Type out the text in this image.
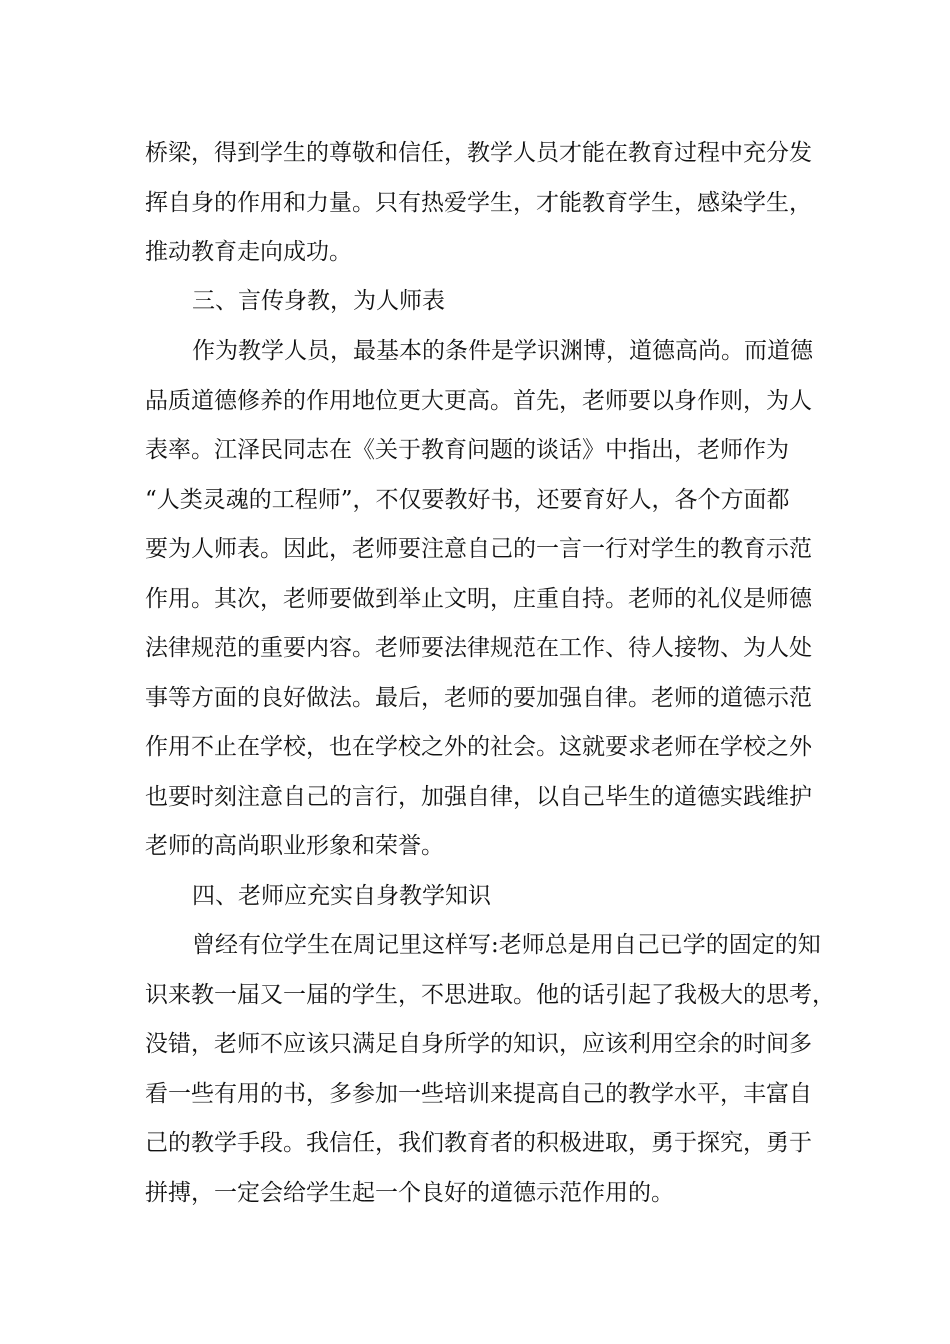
桥梁，得到学生的尊敬和信任，教学人员才能在教育过程中充分发

挥自身的作用和力量。只有热爱学生，才能教育学生，感染学生，

推动教育走向成功。

三、言传身教，为人师表

作为教学人员，最基本的条件是学识渊博，道德高尚。而道德

品质道德修养的作用地位更大更高。首先，老师要以身作则，为人

表率。江泽民同志在《关于教育问题的谈话》中指出，老师作为

“人类灵魂的工程师”，不仅要教好书，还要育好人，各个方面都

要为人师表。因此，老师要注意自己的一言一行对学生的教育示范

作用。其次，老师要做到举止文明，庄重自持。老师的礼仪是师德

法律规范的重要内容。老师要法律规范在工作、待人接物、为人处

事等方面的良好做法。最后，老师的要加强自律。老师的道德示范

作用不止在学校，也在学校之外的社会。这就要求老师在学校之外

也要时刻注意自己的言行，加强自律，以自己毕生的道德实践维护

老师的高尚职业形象和荣誉。

四、老师应充实自身教学知识

曾经有位学生在周记里这样写:老师总是用自己已学的固定的知

识来教一届又一届的学生，不思进取。他的话引起了我极大的思考，

没错，老师不应该只满足自身所学的知识，应该利用空余的时间多

看一些有用的书，多参加一些培训来提高自己的教学水平，丰富自

己的教学手段。我信任，我们教育者的积极进取，勇于探究，勇于

拼搏，一定会给学生起一个良好的道德示范作用的。
